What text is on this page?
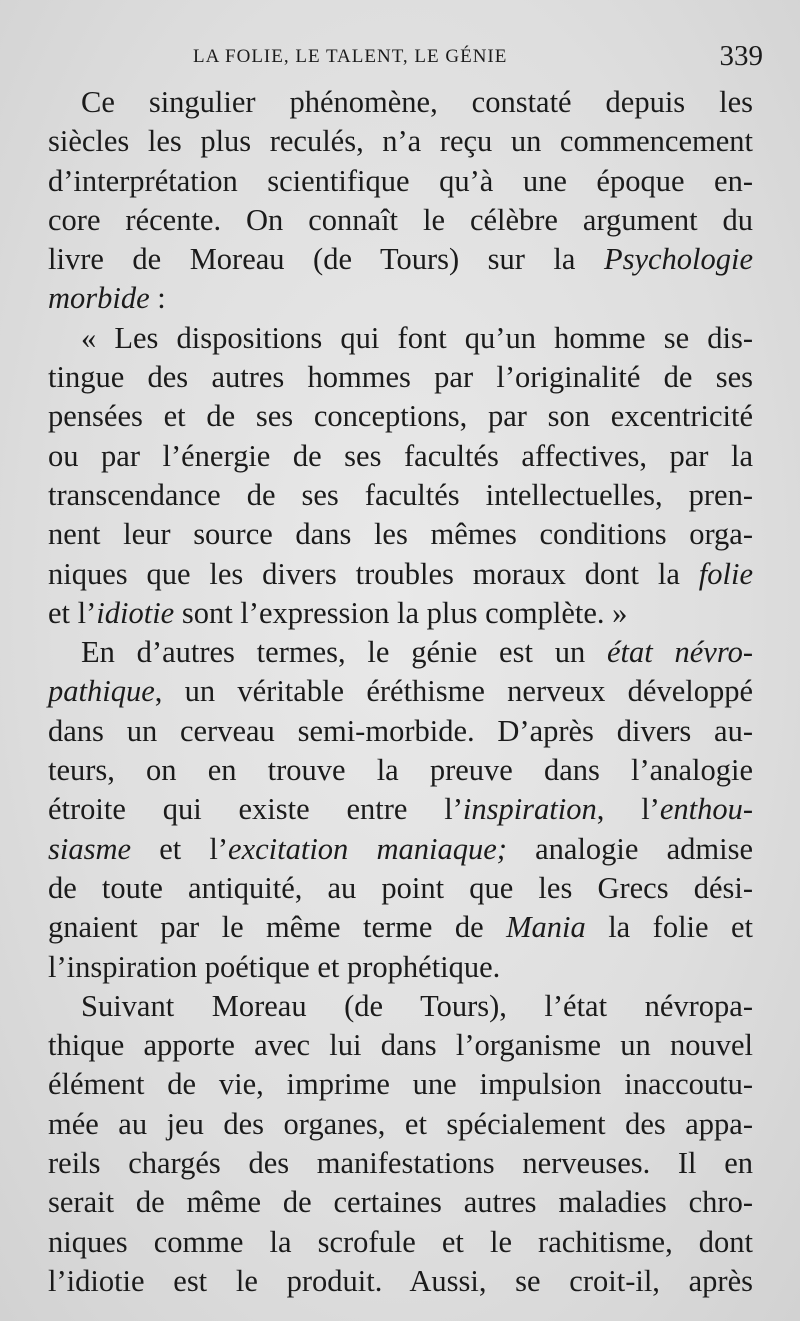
LA FOLIE, LE TALENT, LE GÉNIE	339
Ce singulier phénomène, constaté depuis les
siècles les plus reculés, n’a reçu un commencement
d’interprétation scientifique qu’à une époque en-
core récente. On connaît le célèbre argument du
livre de Moreau (de Tours) sur la Psychologie
morbide :
« Les dispositions qui font qu’un homme se dis-
tingue des autres hommes par l’originalité de ses
pensées et de ses conceptions, par son excentricité
ou par l’énergie de ses facultés affectives, par la
transcendance de ses facultés intellectuelles, pren-
nent leur source dans les mêmes conditions orga-
niques que les divers troubles moraux dont la folie
et l’idiotie sont l’expression la plus complète. »
En d’autres termes, le génie est un état névro-
pathique, un véritable éréthisme nerveux développé
dans un cerveau semi-morbide. D’après divers au-
teurs, on en trouve la preuve dans l’analogie
étroite qui existe entre l’inspiration, l’enthou-
siasme et l’excitation maniaque; analogie admise
de toute antiquité, au point que les Grecs dési-
gnaient par le même terme de Mania la folie et
l’inspiration poétique et prophétique.
Suivant Moreau (de Tours), l’état névropa-
thique apporte avec lui dans l’organisme un nouvel
élément de vie, imprime une impulsion inaccoutu-
mée au jeu des organes, et spécialement des appa-
reils chargés des manifestations nerveuses. Il en
serait de même de certaines autres maladies chro-
niques comme la scrofule et le rachitisme, dont
l’idiotie est le produit. Aussi, se croit-il, après
